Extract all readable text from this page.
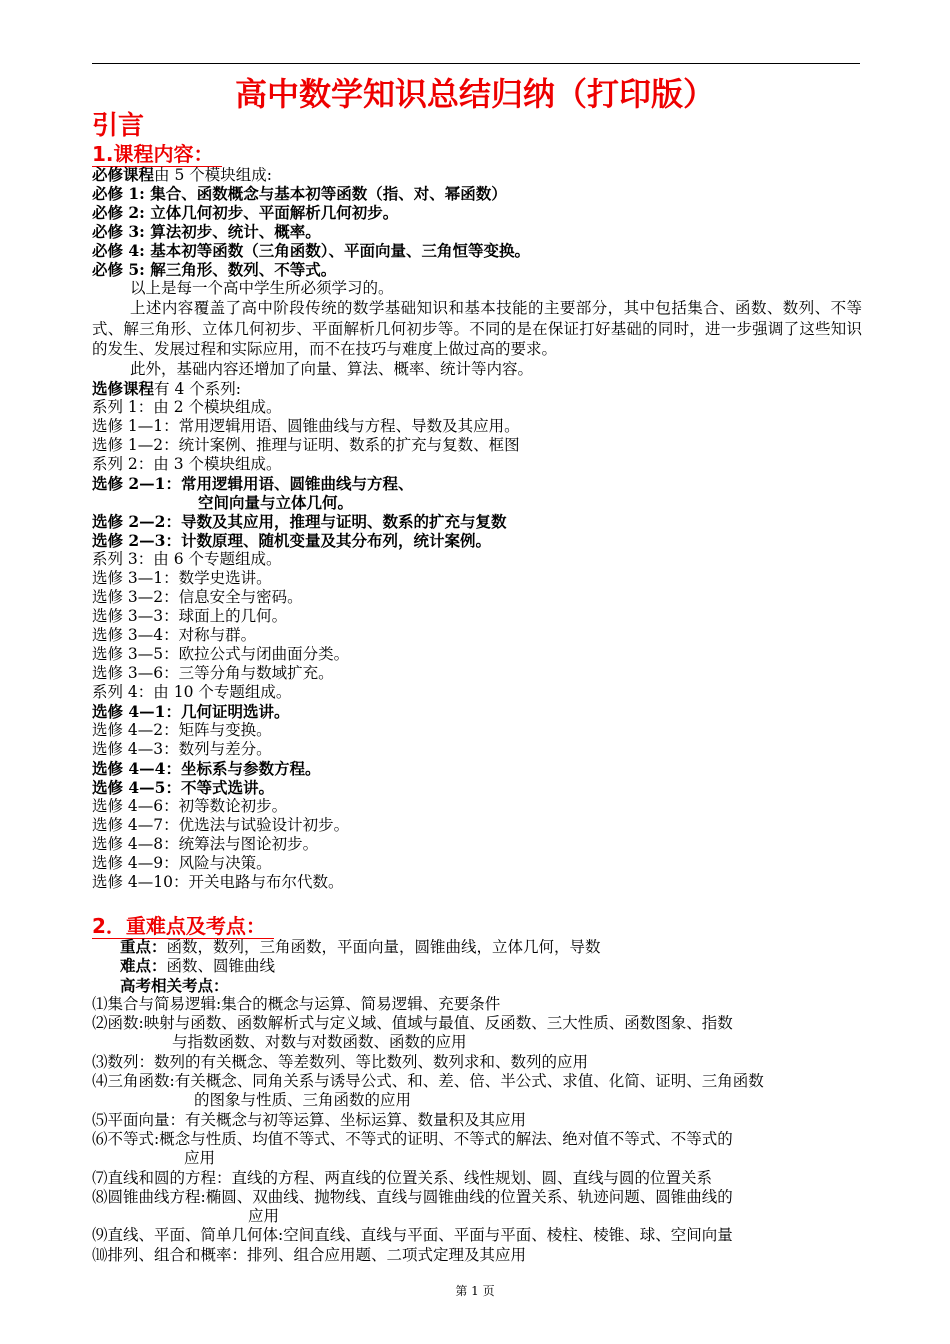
高中数学知识总结归纳（打印版）
引言
1.课程内容：
必修课程由 5 个模块组成:
必修 1: 集合、函数概念与基本初等函数（指、对、幂函数）
必修 2: 立体几何初步、平面解析几何初步。
必修 3: 算法初步、统计、概率。
必修 4: 基本初等函数（三角函数）、平面向量、三角恒等变换。
必修 5: 解三角形、数列、不等式。
以上是每一个高中学生所必须学习的。
上述内容覆盖了高中阶段传统的数学基础知识和基本技能的主要部分，其中包括集合、函数、数列、不等式、解三角形、立体几何初步、平面解析几何初步等。不同的是在保证打好基础的同时，进一步强调了这些知识的发生、发展过程和实际应用，而不在技巧与难度上做过高的要求。
此外，基础内容还增加了向量、算法、概率、统计等内容。
选修课程有 4 个系列:
系列 1：由 2 个模块组成。
选修 1—1：常用逻辑用语、圆锥曲线与方程、导数及其应用。
选修 1—2：统计案例、推理与证明、数系的扩充与复数、框图
系列 2：由 3 个模块组成。
选修 2—1：常用逻辑用语、圆锥曲线与方程、
空间向量与立体几何。
选修 2—2：导数及其应用，推理与证明、数系的扩充与复数
选修 2—3：计数原理、随机变量及其分布列，统计案例。
系列 3：由 6 个专题组成。
选修 3—1：数学史选讲。
选修 3—2：信息安全与密码。
选修 3—3：球面上的几何。
选修 3—4：对称与群。
选修 3—5：欧拉公式与闭曲面分类。
选修 3—6：三等分角与数域扩充。
系列 4：由 10 个专题组成。
选修 4—1：几何证明选讲。
选修 4—2：矩阵与变换。
选修 4—3：数列与差分。
选修 4—4：坐标系与参数方程。
选修 4—5：不等式选讲。
选修 4—6：初等数论初步。
选修 4—7：优选法与试验设计初步。
选修 4—8：统筹法与图论初步。
选修 4—9：风险与决策。
选修 4—10：开关电路与布尔代数。
2．重难点及考点：
重点：函数，数列，三角函数，平面向量，圆锥曲线，立体几何，导数
难点：函数、圆锥曲线
高考相关考点：
⑴集合与简易逻辑:集合的概念与运算、简易逻辑、充要条件
⑵函数:映射与函数、函数解析式与定义域、值域与最值、反函数、三大性质、函数图象、指数
与指数函数、对数与对数函数、函数的应用
⑶数列：数列的有关概念、等差数列、等比数列、数列求和、数列的应用
⑷三角函数:有关概念、同角关系与诱导公式、和、差、倍、半公式、求值、化简、证明、三角函数
的图象与性质、三角函数的应用
⑸平面向量：有关概念与初等运算、坐标运算、数量积及其应用
⑹不等式:概念与性质、均值不等式、不等式的证明、不等式的解法、绝对值不等式、不等式的
应用
⑺直线和圆的方程：直线的方程、两直线的位置关系、线性规划、圆、直线与圆的位置关系
⑻圆锥曲线方程:椭圆、双曲线、抛物线、直线与圆锥曲线的位置关系、轨迹问题、圆锥曲线的
应用
⑼直线、平面、简单几何体:空间直线、直线与平面、平面与平面、棱柱、棱锥、球、空间向量
⑽排列、组合和概率：排列、组合应用题、二项式定理及其应用
第 1 页
